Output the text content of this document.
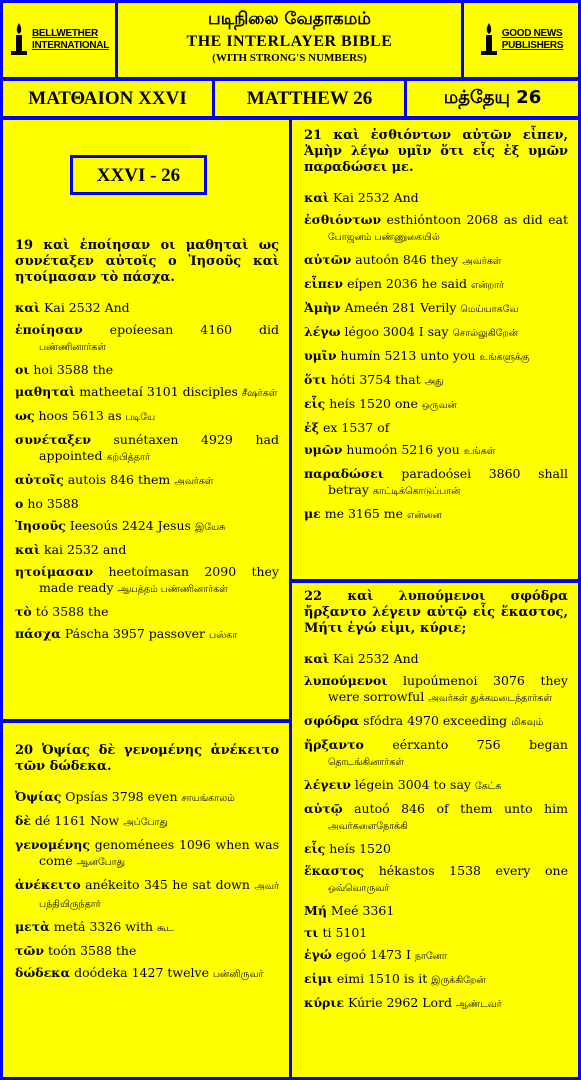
BELLWETHER
INTERNATIONAL
படிநிலை வேதாகமம்
THE INTERLAYER BIBLE
(WITH STRONG'S NUMBERS)
GOOD NEWS
PUBLISHERS
ΜΑΤΘΑΙΟΝ XXVI	MATTHEW 26	மத்தேயு 26
XXVI - 26
19 καὶ ἐποίησαν οι μαθηταὶ ως συνέταξεν αὐτοῖς ο Ἰησοῦς καὶ ητοίμασαν τὸ πάσχα.

καὶ Kai 2532 And

ἐποίησαν epoíeesan 4160 did பண்ணினார்கள்

οι hoi 3588 the

μαθηταὶ matheetaí 3101 disciples சீஷர்கள்

ως hoos 5613 as படியே

συνέταξεν sunétaxen 4929 had appointed கற்பித்தார்

αὐτοῖς autois 846 them அவர்கள்

ο ho 3588

Ἰησοῦς Ieesoús 2424 Jesus இயேசு

καὶ kai 2532 and

ητοίμασαν heetoímasan 2090 they made ready ஆயத்தம் பண்ணினார்கள்

τὸ tó 3588 the

πάσχα Páscha 3957 passover பஸ்கா

20 Ὀψίας δὲ γενομένης ἀνέκειτο τῶν δώδεκα.

Ὀψίας Opsías 3798 even சாயங்காலம்

δὲ dé 1161 Now அப்போது

γενομένης genoménees 1096 when was come ஆனபோது

ἀνέκειτο anékeito 345 he sat down அவர் பந்தியிருந்தார்

μετὰ metá 3326 with கூட

τῶν toón 3588 the

δώδεκα doódeka 1427 twelve பன்னிருவர்

21 καὶ ἐσθιόντων αὐτῶν εἶπεν, Ἀμὴν λέγω υμῖν ὅτι εἷς ἐξ υμῶν παραδώσει με.

καὶ Kai 2532 And

ἐσθιόντων esthióntoon 2068 as did eat போஜனம் பண்ணுகையில்

αὐτῶν autoón 846 they அவர்கள்

εἶπεν eípen 2036 he said என்றார்

Ἀμὴν Ameén 281 Verily மெய்யாகவே

λέγω légoo 3004 I say சொல்லுகிறேன்

υμῖν humín 5213 unto you உங்களுக்கு

ὅτι hóti 3754 that அது

εἷς heís 1520 one ஒருவன்

ἐξ ex 1537 of

υμῶν humoón 5216 you உங்கள்

παραδώσει paradoósei 3860 shall betray காட்டிக்கொடுப்பான்

με me 3165 me என்னை

22 καὶ λυπούμενοι σφόδρα ἤρξαντο λέγειν αὐτῷ εἷς ἕκαστος, Μήτι ἐγώ εἰμι, κύριε;

καὶ Kai 2532 And

λυπούμενοι lupoúmenoi 3076 they were sorrowful அவர்கள் துக்கமடைந்தார்கள்

σφόδρα sfódra 4970 exceeding மிகவும்

ἤρξαντο eérxanto 756 began தொடங்கினார்கள்

λέγειν légein 3004 to say கேட்க

αὐτῷ autoó 846 of them unto him அவர்களைநோக்கி

εἷς heís 1520

ἕκαστος hékastos 1538 every one ஒவ்வொருவர்

Μή Meé 3361

τι ti 5101

ἐγώ egoó 1473 I நானோ

εἰμι eimi 1510 is it இருக்கிறேன்

κύριε Kúrie 2962 Lord ஆண்டவர்
